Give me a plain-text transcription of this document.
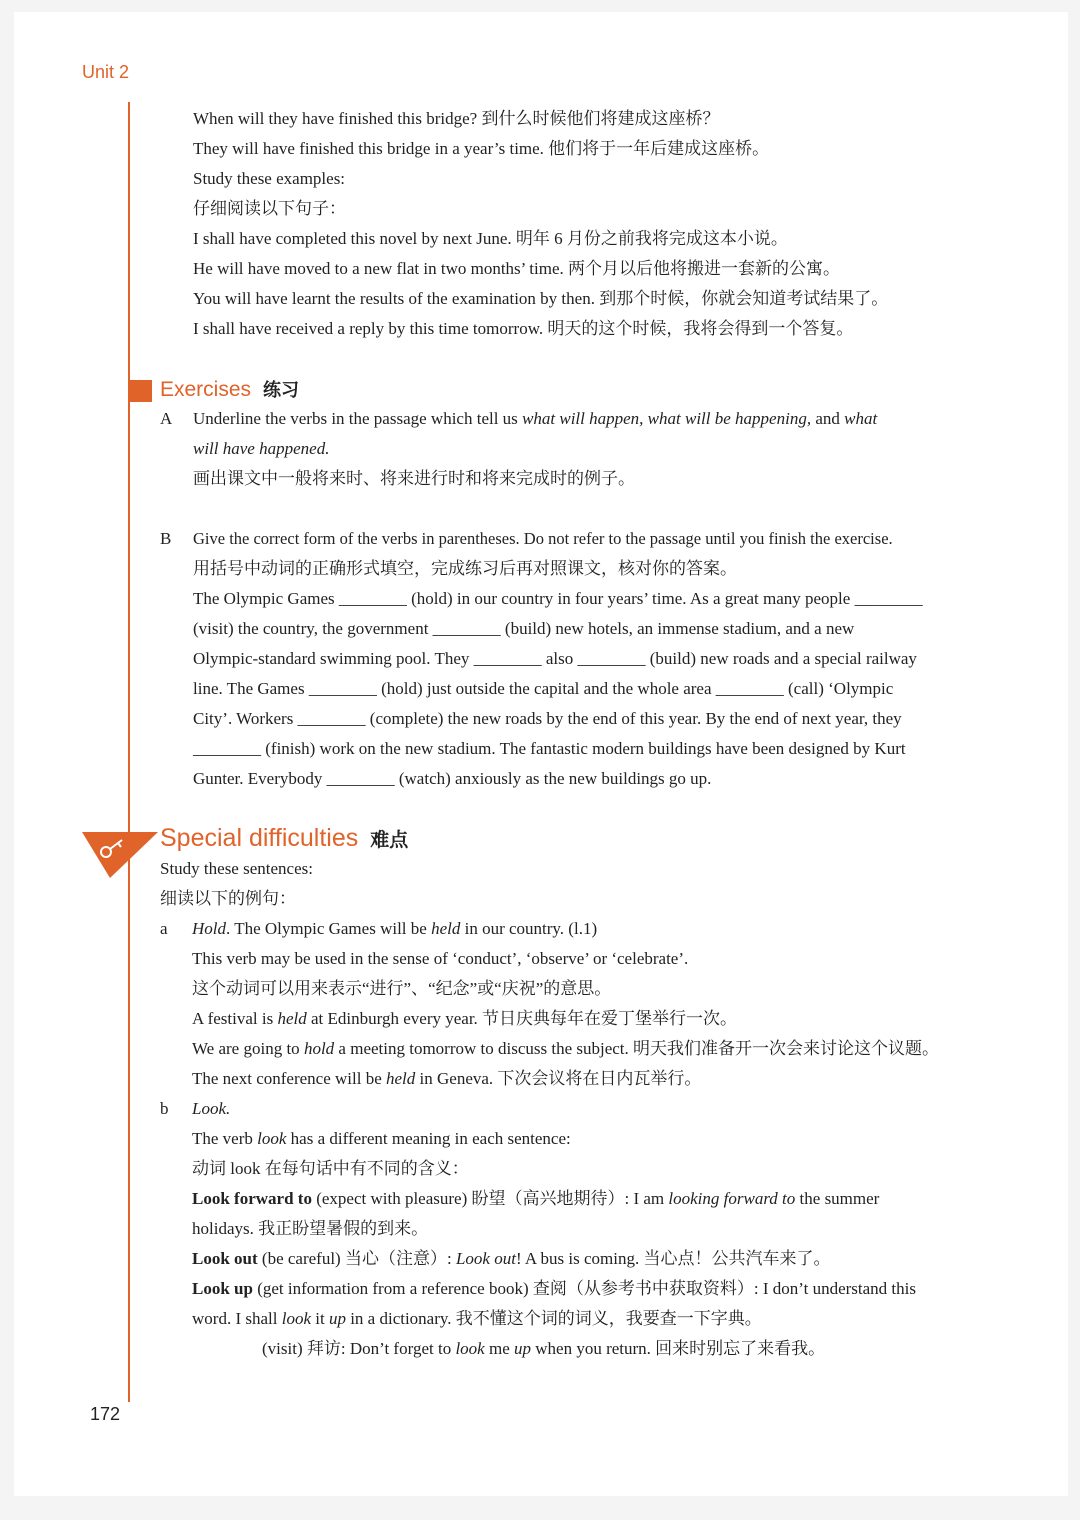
Unit 2
When will they have finished this bridge? 到什么时候他们将建成这座桥？
They will have finished this bridge in a year’s time. 他们将于一年后建成这座桥。
Study these examples:
仔细阅读以下句子：
I shall have completed this novel by next June. 明年 6 月份之前我将完成这本小说。
He will have moved to a new flat in two months’ time. 两个月以后他将搬进一套新的公寓。
You will have learnt the results of the examination by then. 到那个时候，你就会知道考试结果了。
I shall have received a reply by this time tomorrow. 明天的这个时候，我将会得到一个答复。
Exercises 练习
A Underline the verbs in the passage which tell us what will happen, what will be happening, and what
will have happened.
画出课文中一般将来时、将来进行时和将来完成时的例子。
B Give the correct form of the verbs in parentheses. Do not refer to the passage until you finish the exercise.
用括号中动词的正确形式填空，完成练习后再对照课文，核对你的答案。
The Olympic Games ________ (hold) in our country in four years’ time. As a great many people ________
(visit) the country, the government ________ (build) new hotels, an immense stadium, and a new
Olympic-standard swimming pool. They ________ also ________ (build) new roads and a special railway
line. The Games ________ (hold) just outside the capital and the whole area ________ (call) ‘Olympic
City’. Workers ________ (complete) the new roads by the end of this year. By the end of next year, they
________ (finish) work on the new stadium. The fantastic modern buildings have been designed by Kurt
Gunter. Everybody ________ (watch) anxiously as the new buildings go up.
Special difficulties 难点
Study these sentences:
细读以下的例句：
a Hold. The Olympic Games will be held in our country. (l.1)
This verb may be used in the sense of ‘conduct’, ‘observe’ or ‘celebrate’.
这个动词可以用来表示“进行”、“纪念”或“庆祝”的意思。
A festival is held at Edinburgh every year. 节日庆典每年在爱丁堡举行一次。
We are going to hold a meeting tomorrow to discuss the subject. 明天我们准备开一次会来讨论这个议题。
The next conference will be held in Geneva. 下次会议将在日内瓦举行。
b Look.
The verb look has a different meaning in each sentence:
动词 look 在每句话中有不同的含义：
Look forward to (expect with pleasure) 盼望（高兴地期待）: I am looking forward to the summer
holidays. 我正盼望暑假的到来。
Look out (be careful) 当心（注意）: Look out! A bus is coming. 当心点！公共汽车来了。
Look up (get information from a reference book) 查阅（从参考书中获取资料）: I don’t understand this
word. I shall look it up in a dictionary. 我不懂这个词的词义，我要查一下字典。
(visit) 拜访: Don’t forget to look me up when you return. 回来时别忘了来看我。
172
